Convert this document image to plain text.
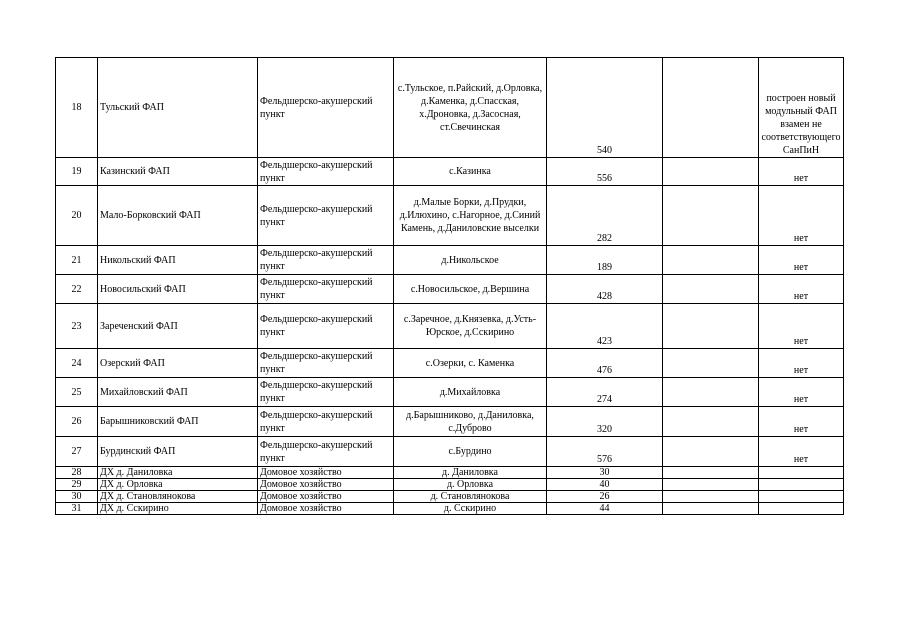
18	Тульский ФАП	Фельдшерско-акушерский пункт	с.Тульское, п.Райский, д.Орловка, д.Каменка, д.Спасская, х.Дроновка, д.Засосная, ст.Свечинская	540		построен новый модульный ФАП взамен не соответствующего СанПиН
19	Казинский ФАП	Фельдшерско-акушерский пункт	с.Казинка	556		нет
20	Мало-Борковский ФАП	Фельдшерско-акушерский пункт	д.Малые Борки, д.Прудки, д.Илюхино, с.Нагорное, д.Синий Камень, д.Даниловские выселки	282		нет
21	Никольский ФАП	Фельдшерско-акушерский пункт	д.Никольское	189		нет
22	Новосильский ФАП	Фельдшерско-акушерский пункт	с.Новосильское, д.Вершина	428		нет
23	Зареченский ФАП	Фельдшерско-акушерский пункт	с.Заречное, д.Князевка, д.Усть-Юрское, д.Сскирино	423		нет
24	Озерский ФАП	Фельдшерско-акушерский пункт	с.Озерки, с. Каменка	476		нет
25	Михайловский ФАП	Фельдшерско-акушерский пункт	д.Михайловка	274		нет
26	Барышниковский ФАП	Фельдшерско-акушерский пункт	д.Барышниково, д.Даниловка, с.Дуброво	320		нет
27	Бурдинский ФАП	Фельдшерско-акушерский пункт	с.Бурдино	576		нет
28	ДХ д. Даниловка	Домовое хозяйство	д. Даниловка	30		
29	ДХ д. Орловка	Домовое хозяйство	д. Орловка	40		
30	ДХ д. Становлянокова	Домовое хозяйство	д. Становлянокова	26		
31	ДХ д. Сскирино	Домовое хозяйство	д. Сскирино	44		
